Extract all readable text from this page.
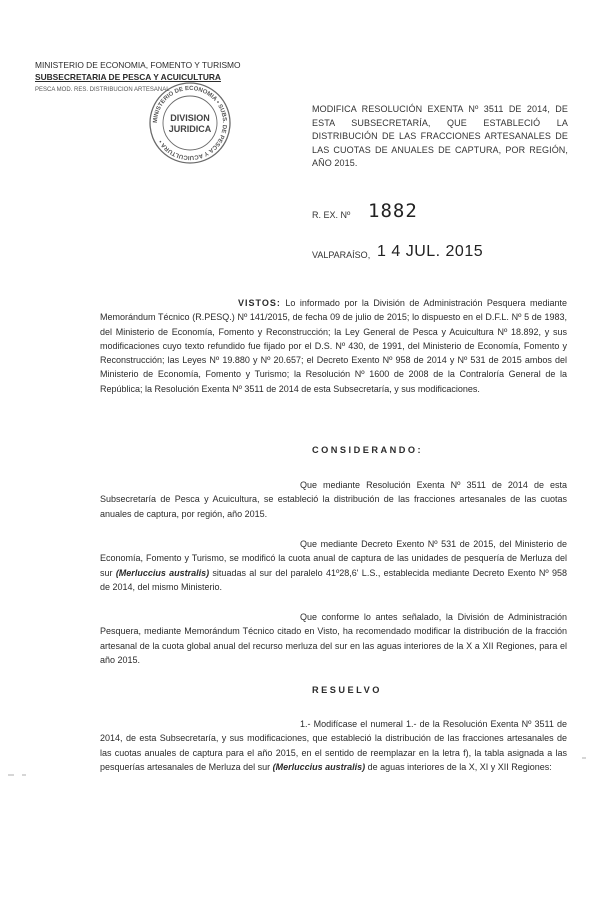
MINISTERIO DE ECONOMIA, FOMENTO Y TURISMO
SUBSECRETARIA DE PESCA Y ACUICULTURA
PESCA MOD. RES. DISTRIBUCION ARTESANAL
MINISTERIO DE ECONOMIA • SUBS. DE PESCA Y ACUICULTURA •
DIVISION
JURIDICA
MODIFICA RESOLUCIÓN EXENTA Nº 3511 DE 2014, DE ESTA SUBSECRETARÍA, QUE ESTABLECIÓ LA DISTRIBUCIÓN DE LAS FRACCIONES ARTESANALES DE LAS CUOTAS DE ANUALES DE CAPTURA, POR REGIÓN, AÑO 2015.
R. EX. Nº 1882
VALPARAÍSO, 1 4 JUL. 2015
VISTOS: Lo informado por la División de Administración Pesquera mediante Memorándum Técnico (R.PESQ.) Nº 141/2015, de fecha 09 de julio de 2015; lo dispuesto en el D.F.L. Nº 5 de 1983, del Ministerio de Economía, Fomento y Reconstrucción; la Ley General de Pesca y Acuicultura Nº 18.892, y sus modificaciones cuyo texto refundido fue fijado por el D.S. Nº 430, de 1991, del Ministerio de Economía, Fomento y Reconstrucción; las Leyes Nº 19.880 y Nº 20.657; el Decreto Exento Nº 958 de 2014 y Nº 531 de 2015 ambos del Ministerio de Economía, Fomento y Turismo; la Resolución Nº 1600 de 2008 de la Contraloría General de la República; la Resolución Exenta Nº 3511 de 2014 de esta Subsecretaría, y sus modificaciones.
CONSIDERANDO:
Que mediante Resolución Exenta Nº 3511 de 2014 de esta Subsecretaría de Pesca y Acuicultura, se estableció la distribución de las fracciones artesanales de las cuotas anuales de captura, por región, año 2015.
Que mediante Decreto Exento Nº 531 de 2015, del Ministerio de Economía, Fomento y Turismo, se modificó la cuota anual de captura de las unidades de pesquería de Merluza del sur (Merluccius australis) situadas al sur del paralelo 41º28,6' L.S., establecida mediante Decreto Exento Nº 958 de 2014, del mismo Ministerio.
Que conforme lo antes señalado, la División de Administración Pesquera, mediante Memorándum Técnico citado en Visto, ha recomendado modificar la distribución de la fracción artesanal de la cuota global anual del recurso merluza del sur en las aguas interiores de la X a XII Regiones, para el año 2015.
RESUELVO
1.- Modifícase el numeral 1.- de la Resolución Exenta Nº 3511 de 2014, de esta Subsecretaría, y sus modificaciones, que estableció la distribución de las fracciones artesanales de las cuotas anuales de captura para el año 2015, en el sentido de reemplazar en la letra f), la tabla asignada a las pesquerías artesanales de Merluza del sur (Merluccius australis) de aguas interiores de la X, XI y XII Regiones:
